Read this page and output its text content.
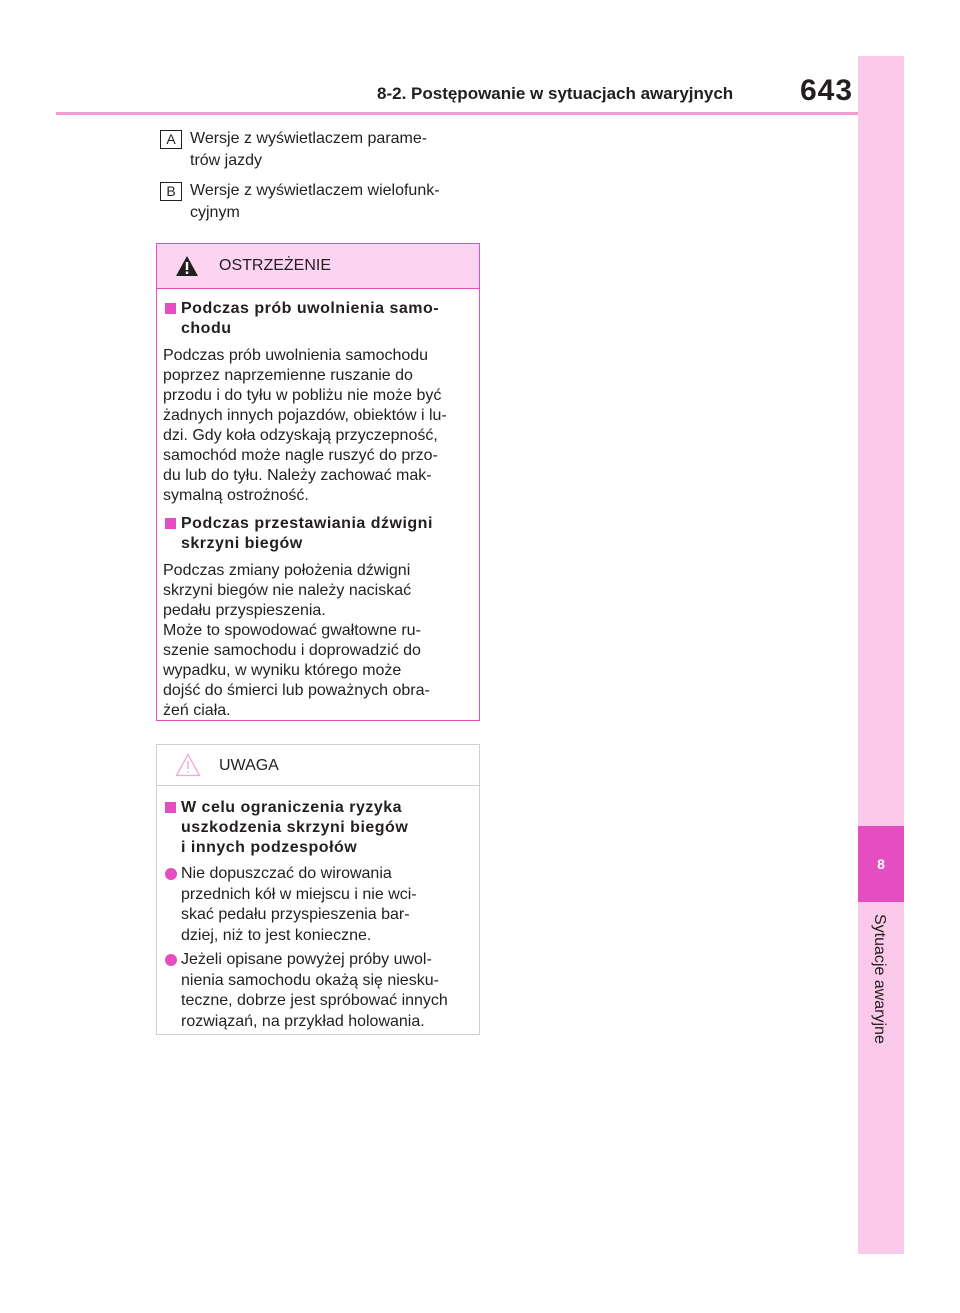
8-2. Postępowanie w sytuacjach awaryjnych 643
8
Sytuacje awaryjne
A Wersje z wyświetlaczem parame-
trów jazdy
B Wersje z wyświetlaczem wielofunk-
cyjnym
OSTRZEŻENIE
Podczas prób uwolnienia samo-
chodu
Podczas prób uwolnienia samochodu
poprzez naprzemienne ruszanie do
przodu i do tyłu w pobliżu nie może być
żadnych innych pojazdów, obiektów i lu-
dzi. Gdy koła odzyskają przyczepność,
samochód może nagle ruszyć do przo-
du lub do tyłu. Należy zachować mak-
symalną ostrożność.
Podczas przestawiania dźwigni
skrzyni biegów
Podczas zmiany położenia dźwigni
skrzyni biegów nie należy naciskać
pedału przyspieszenia.
Może to spowodować gwałtowne ru-
szenie samochodu i doprowadzić do
wypadku, w wyniku którego może
dojść do śmierci lub poważnych obra-
żeń ciała.
UWAGA
W celu ograniczenia ryzyka
uszkodzenia skrzyni biegów
i innych podzespołów
Nie dopuszczać do wirowania
przednich kół w miejscu i nie wci-
skać pedału przyspieszenia bar-
dziej, niż to jest konieczne.
Jeżeli opisane powyżej próby uwol-
nienia samochodu okażą się niesku-
teczne, dobrze jest spróbować innych
rozwiązań, na przykład holowania.
